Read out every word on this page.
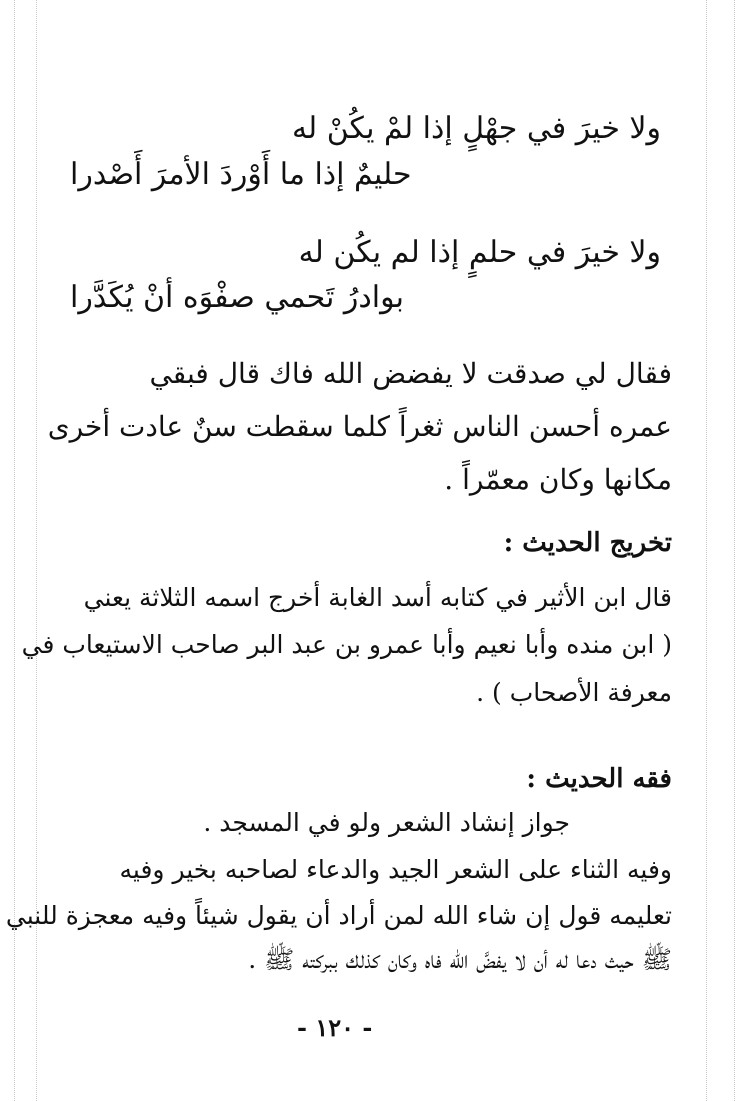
ولا خيرَ في جهْلٍ إذا لمْ يكُنْ له
حليمٌ إذا ما أَوْردَ الأمرَ أَصْدرا
ولا خيرَ في حلمٍ إذا لم يكُن له
بوادرُ تَحمي صفْوَه أنْ يُكَدَّرا
فقال لي صدقت لا يفضض الله فاك قال فبقي
عمره أحسن الناس ثغراً كلما سقطت سنٌ عادت أخرى
مكانها وكان معمّراً .
تخريج الحديث :
قال ابن الأثير في كتابه أسد الغابة أخرج اسمه الثلاثة يعني
( ابن منده وأبا نعيم وأبا عمرو بن عبد البر صاحب الاستيعاب في
معرفة الأصحاب ) .
فقه الحديث :
جواز إنشاد الشعر ولو في المسجد .
وفيه الثناء على الشعر الجيد والدعاء لصاحبه بخير وفيه
تعليمه قول إن شاء الله لمن أراد أن يقول شيئاً وفيه معجزة للنبي
ﷺ حيث دعا له أن لا يفضَّ الله فاه وكان كذلك ببركته ﷺ .
- ١٢٠ -
